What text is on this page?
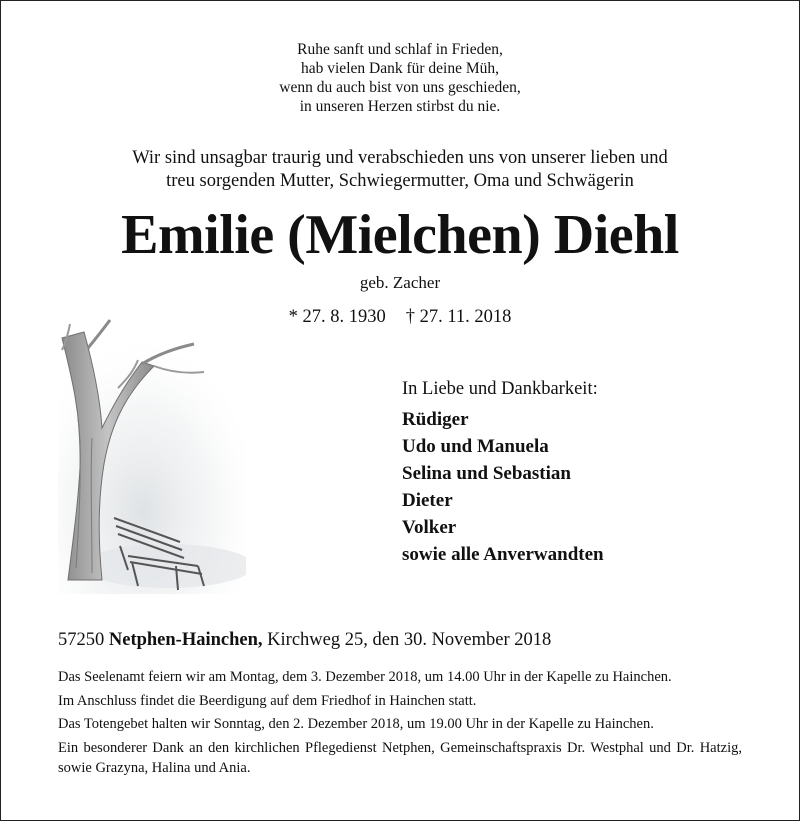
Ruhe sanft und schlaf in Frieden,
hab vielen Dank für deine Müh,
wenn du auch bist von uns geschieden,
in unseren Herzen stirbst du nie.
Wir sind unsagbar traurig und verabschieden uns von unserer lieben und
treu sorgenden Mutter, Schwiegermutter, Oma und Schwägerin
Emilie (Mielchen) Diehl
geb. Zacher
* 27. 8. 1930 † 27. 11. 2018
In Liebe und Dankbarkeit:
Rüdiger
Udo und Manuela
Selina und Sebastian
Dieter
Volker
sowie alle Anverwandten
57250 Netphen-Hainchen, Kirchweg 25, den 30. November 2018

Das Seelenamt feiern wir am Montag, dem 3. Dezember 2018, um 14.00 Uhr in der Kapelle zu Hainchen.

Im Anschluss findet die Beerdigung auf dem Friedhof in Hainchen statt.

Das Totengebet halten wir Sonntag, den 2. Dezember 2018, um 19.00 Uhr in der Kapelle zu Hainchen.

Ein besonderer Dank an den kirchlichen Pflegedienst Netphen, Gemeinschaftspraxis Dr. Westphal und Dr. Hatzig, sowie Grazyna, Halina und Ania.
